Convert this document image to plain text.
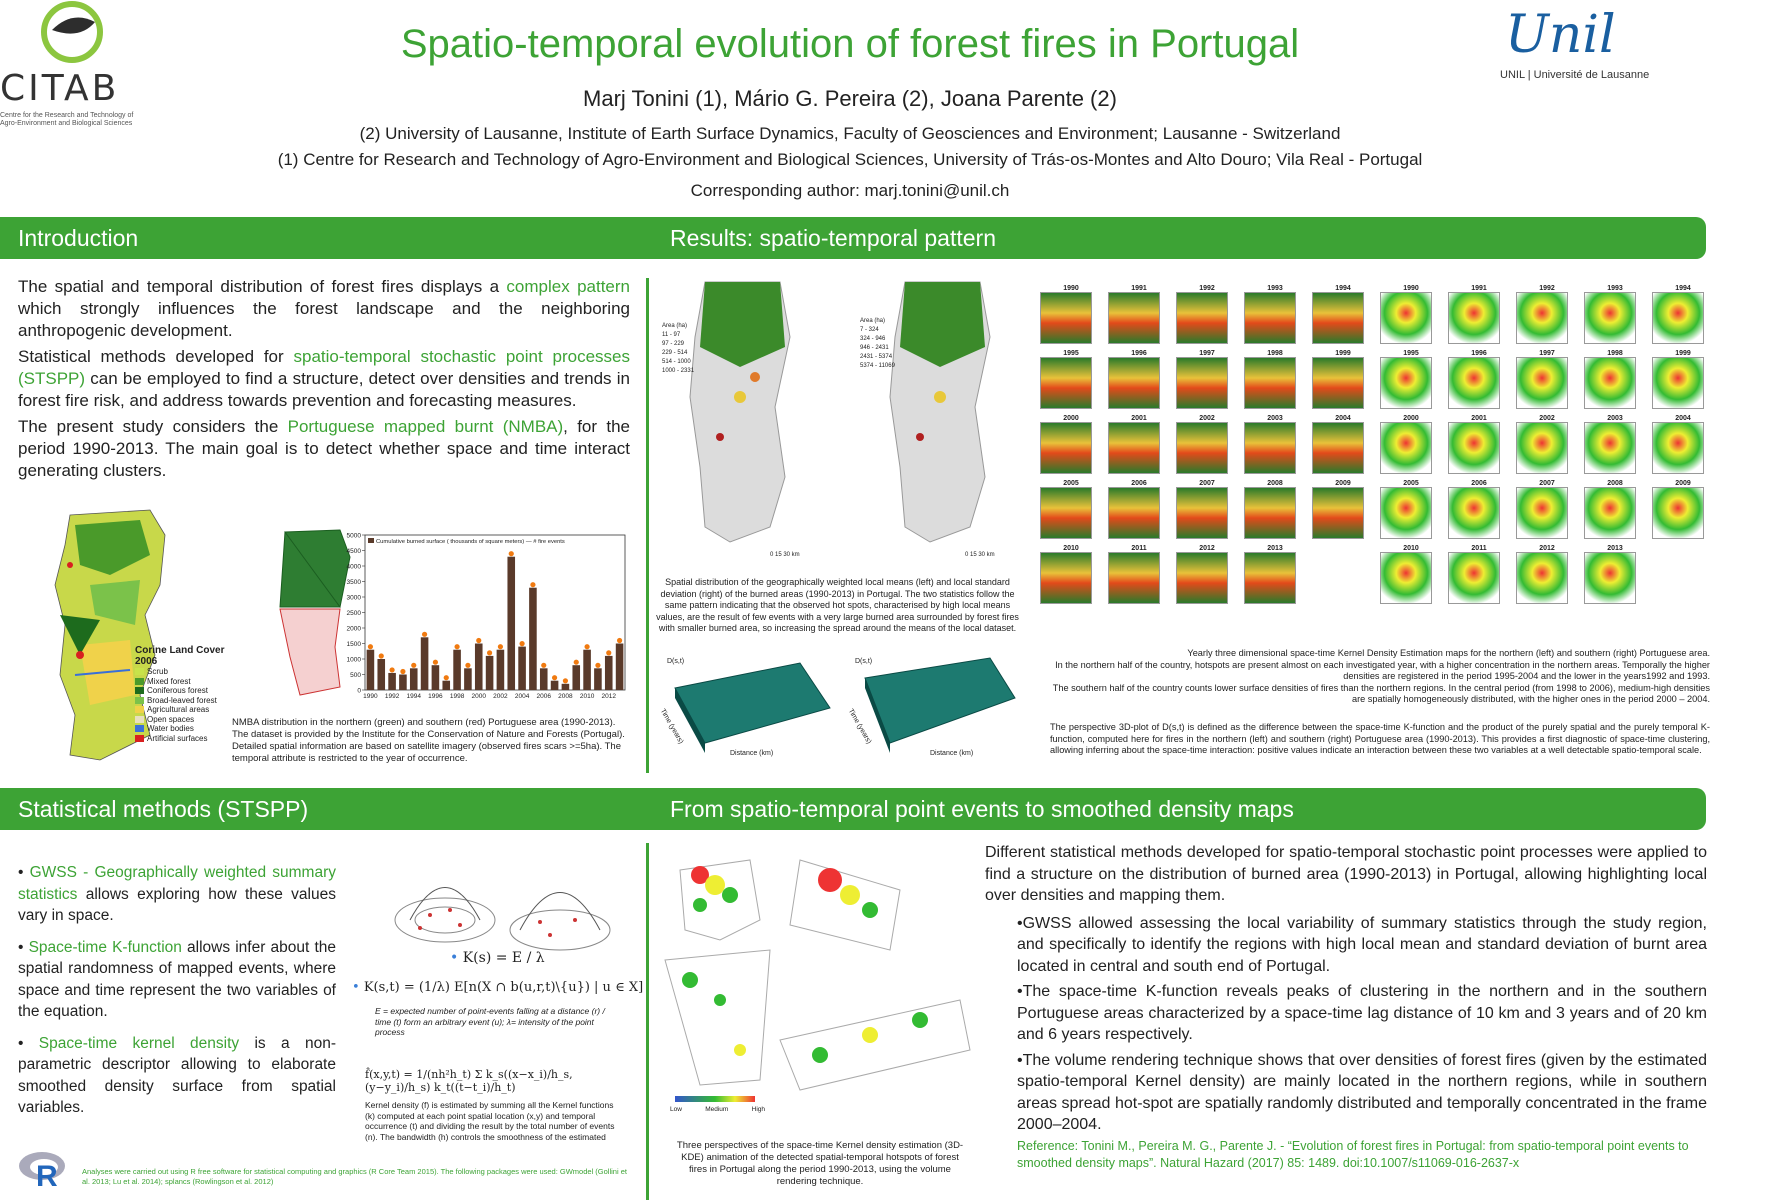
CITAB
Centre for the Research and Technology of Agro-Environment and Biological Sciences
Spatio-temporal evolution of forest fires in Portugal
Marj Tonini (1), Mário G. Pereira (2), Joana Parente (2)
(2) University of Lausanne, Institute of Earth Surface Dynamics, Faculty of Geosciences and Environment; Lausanne - Switzerland
(1) Centre for Research and Technology of Agro-Environment and Biological Sciences, University of Trás-os-Montes and Alto Douro; Vila Real - Portugal
Corresponding author: marj.tonini@unil.ch
Unil
UNIL | Université de Lausanne
Introduction	Results: spatio-temporal pattern
Statistical methods (STSPP)	From spatio-temporal point events to smoothed density maps

The spatial and temporal distribution of forest fires displays a complex pattern which strongly influences the forest landscape and the neighboring anthropogenic development.

Statistical methods developed for spatio-temporal stochastic point processes (STSPP) can be employed to find a structure, detect over densities and trends in forest fire risk, and address towards prevention and forecasting measures.

The present study considers the Portuguese mapped burnt (NMBA), for the period 1990-2013. The main goal is to detect whether space and time interact generating clusters.

Corine Land Cover 2006
Scrub
Mixed forest
Coniferous forest
Broad-leaved forest
Agricultural areas
Open spaces
Water bodies
Artificial surfaces
0
500
1000
1500
2000
2500
3000
3500
4000
4500
5000
1990 1992 1994 1996 1998 2000 2002 2004 2006 2008 2010 2012
Cumulative burned surface ( thousands of square meters) — # fire events
NMBA distribution in the northern (green) and southern (red) Portuguese area (1990-2013). The dataset is provided by the Institute for the Conservation of Nature and Forests (Portugal). Detailed spatial information are based on satellite imagery (observed fires scars >=5ha). The temporal attribute is restricted to the year of occurrence.
Area (ha)
11 - 97
97 - 229
229 - 514
514 - 1000
1000 - 2331
Area (ha)
7 - 324
324 - 946
946 - 2431
2431 - 5374
5374 - 11069
0 15 30 km	0 15 30 km
Spatial distribution of the geographically weighted local means (left) and local standard deviation (right) of the burned areas (1990-2013) in Portugal. The two statistics follow the same pattern indicating that the observed hot spots, characterised by high local means values, are the result of few events with a very large burned area surrounded by forest fires with smaller burned area, so increasing the spread around the means of the local dataset.
Distance (km)	Distance (km)
Time (years)	Time (years)
D(s,t)	D(s,t)
1990	1991	1992	1993	1994
1995	1996	1997	1998	1999
2000	2001	2002	2003	2004
2005	2006	2007	2008	2009
2010	2011	2012	2013
1990	1991	1992	1993	1994
1995	1996	1997	1998	1999
2000	2001	2002	2003	2004
2005	2006	2007	2008	2009
2010	2011	2012	2013
Yearly three dimensional space-time Kernel Density Estimation maps for the northern (left) and southern (right) Portuguese area.
In the northern half of the country, hotspots are present almost on each investigated year, with a higher concentration in the northern areas. Temporally the higher densities are registered in the period 1995-2004 and the lower in the years1992 and 1993.
The southern half of the country counts lower surface densities of fires than the northern regions. In the central period (from 1998 to 2006), medium-high densities are spatially homogeneously distributed, with the higher ones in the period 2000 – 2004.
The perspective 3D-plot of D(s,t) is defined as the difference between the space-time K-function and the product of the purely spatial and the purely temporal K-function, computed here for fires in the northern (left) and southern (right) Portuguese area (1990-2013). This provides a first diagnostic of space-time clustering, allowing inferring about the space-time interaction: positive values indicate an interaction between these two variables at a well detectable spatio-temporal scale.

• GWSS - Geographically weighted summary statistics allows exploring how these values vary in space.

• Space-time K-function allows infer about the spatial randomness of mapped events, where space and time represent the two variables of the equation.

• Space-time kernel density is a non-parametric descriptor allowing to elaborate smoothed density surface from spatial variables.

• K(s) = E / λ
• K(s,t) = (1/λ) E[n(X ∩ b(u,r,t)\{u}) | u ∈ X]
E = expected number of point-events falling at a distance (r) / time (t) form an arbitrary event (u); λ= intensity of the point process
f̂(x,y,t) = 1/(nh²h_t) Σ k_s((x−x_i)/h_s, (y−y_i)/h_s) k_t((t−t_i)/h_t)
Kernel density (f) is estimated by summing all the Kernel functions (k) computed at each point spatial location (x,y) and temporal occurrence (t) and dividing the result by the total number of events (n). The bandwidth (h) controls the smoothness of the estimated
R	Analyses were carried out using R free software for statistical computing and graphics (R Core Team 2015). The following packages were used: GWmodel (Gollini et al. 2013; Lu et al. 2014); splancs (Rowlingson et al. 2012)
Low	Medium	High
Three perspectives of the space-time Kernel density estimation (3D-KDE) animation of the detected spatial-temporal hotspots of forest fires in Portugal along the period 1990-2013, using the volume rendering technique.

Different statistical methods developed for spatio-temporal stochastic point processes were applied to find a structure on the distribution of burned area (1990-2013) in Portugal, allowing highlighting local over densities and mapping them.

•GWSS allowed assessing the local variability of summary statistics through the study region, and specifically to identify the regions with high local mean and standard deviation of burnt area located in central and south end of Portugal.

•The space-time K-function reveals peaks of clustering in the northern and in the southern Portuguese areas characterized by a space-time lag distance of 10 km and 3 years and of 20 km and 6 years respectively.

•The volume rendering technique shows that over densities of forest fires (given by the estimated spatio-temporal Kernel density) are mainly located in the northern regions, while in southern areas spread hot-spot are spatially randomly distributed and temporally concentrated in the frame 2000–2004.

Reference: Tonini M., Pereira M. G., Parente J. - “Evolution of forest fires in Portugal: from spatio-temporal point events to smoothed density maps”. Natural Hazard (2017) 85: 1489. doi:10.1007/s11069-016-2637-x
